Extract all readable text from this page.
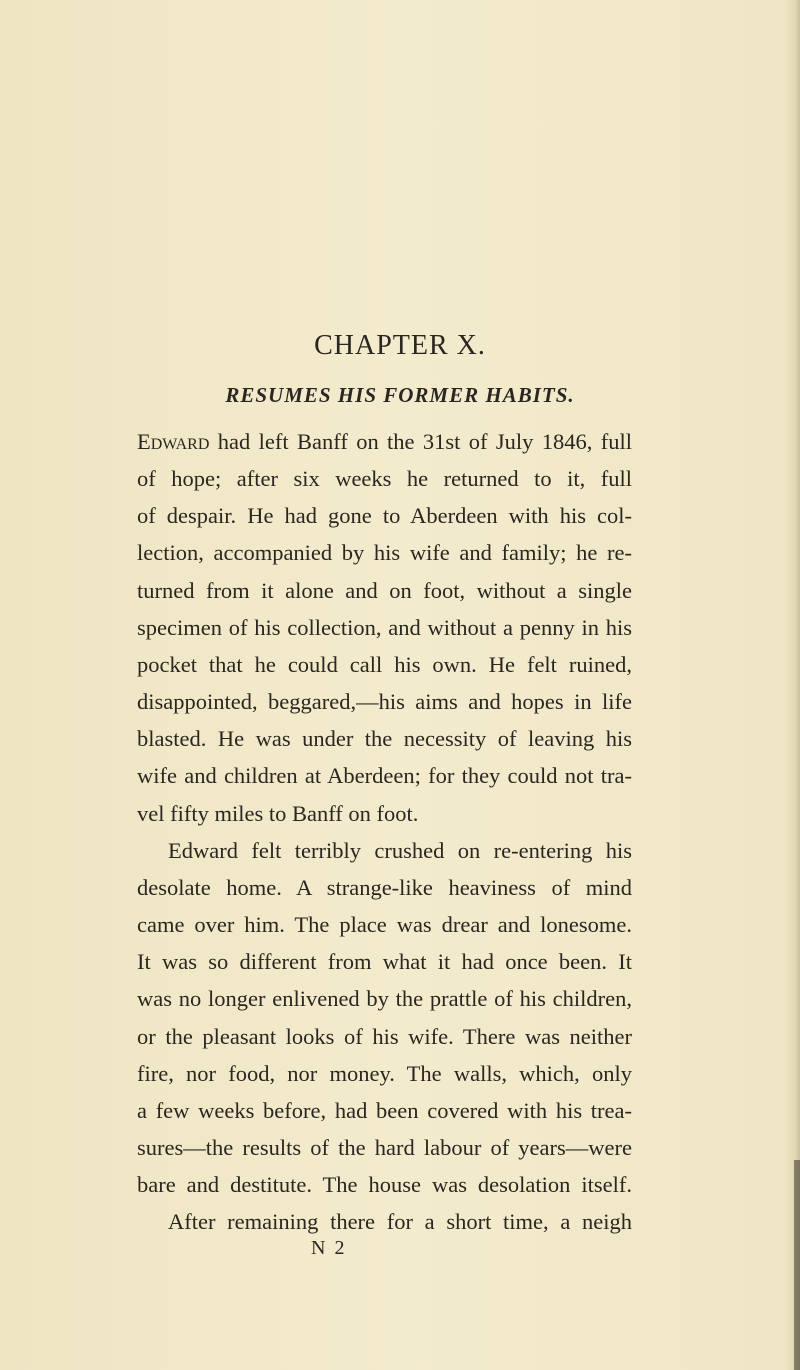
CHAPTER X.
RESUMES HIS FORMER HABITS.
Edward had left Banff on the 31st of July 1846, full
of hope; after six weeks he returned to it, full
of despair. He had gone to Aberdeen with his col-
lection, accompanied by his wife and family; he re-
turned from it alone and on foot, without a single
specimen of his collection, and without a penny in his
pocket that he could call his own. He felt ruined,
disappointed, beggared,—his aims and hopes in life
blasted. He was under the necessity of leaving his
wife and children at Aberdeen; for they could not tra-
vel fifty miles to Banff on foot.
Edward felt terribly crushed on re-entering his
desolate home. A strange-like heaviness of mind
came over him. The place was drear and lonesome.
It was so different from what it had once been. It
was no longer enlivened by the prattle of his children,
or the pleasant looks of his wife. There was neither
fire, nor food, nor money. The walls, which, only
a few weeks before, had been covered with his trea-
sures—the results of the hard labour of years—were
bare and destitute. The house was desolation itself.
After remaining there for a short time, a neigh
N 2
